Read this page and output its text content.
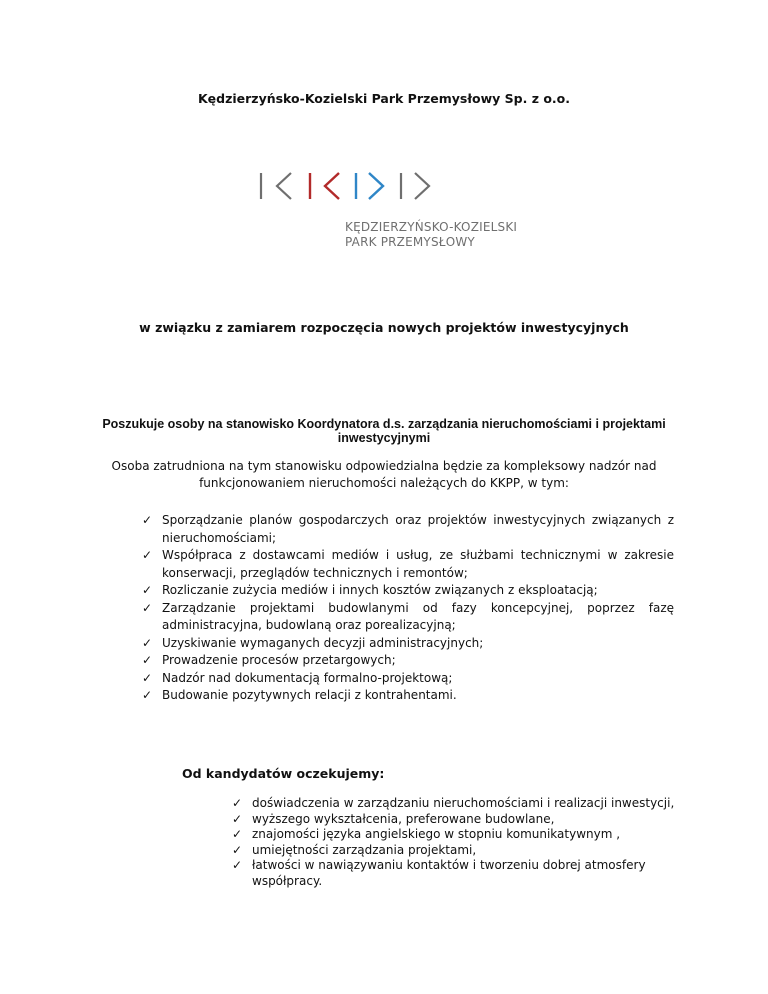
Kędzierzyńsko-Kozielski Park Przemysłowy Sp. z o.o.
KĘDZIERZYŃSKO-KOZIELSKI
PARK PRZEMYSŁOWY
w związku z zamiarem rozpoczęcia nowych projektów inwestycyjnych
Poszukuje osoby na stanowisko Koordynatora d.s. zarządzania nieruchomościami i projektami inwestycyjnymi
Osoba zatrudniona na tym stanowisku odpowiedzialna będzie za kompleksowy nadzór nad funkcjonowaniem nieruchomości należących do KKPP, w tym:
✓ Sporządzanie planów gospodarczych oraz projektów inwestycyjnych związanych z nieruchomościami;
✓ Współpraca z dostawcami mediów i usług, ze służbami technicznymi w zakresie konserwacji, przeglądów technicznych i remontów;
✓ Rozliczanie zużycia mediów i innych kosztów związanych z eksploatacją;
✓ Zarządzanie projektami budowlanymi od fazy koncepcyjnej, poprzez fazę administracyjna, budowlaną oraz porealizacyjną;
✓ Uzyskiwanie wymaganych decyzji administracyjnych;
✓ Prowadzenie procesów przetargowych;
✓ Nadzór nad dokumentacją formalno-projektową;
✓ Budowanie pozytywnych relacji z kontrahentami.
Od kandydatów oczekujemy:
✓ doświadczenia w zarządzaniu nieruchomościami i realizacji inwestycji,
✓ wyższego wykształcenia, preferowane budowlane,
✓ znajomości języka angielskiego w stopniu komunikatywnym ,
✓ umiejętności zarządzania projektami,
✓ łatwości w nawiązywaniu kontaktów i tworzeniu dobrej atmosfery współpracy.
